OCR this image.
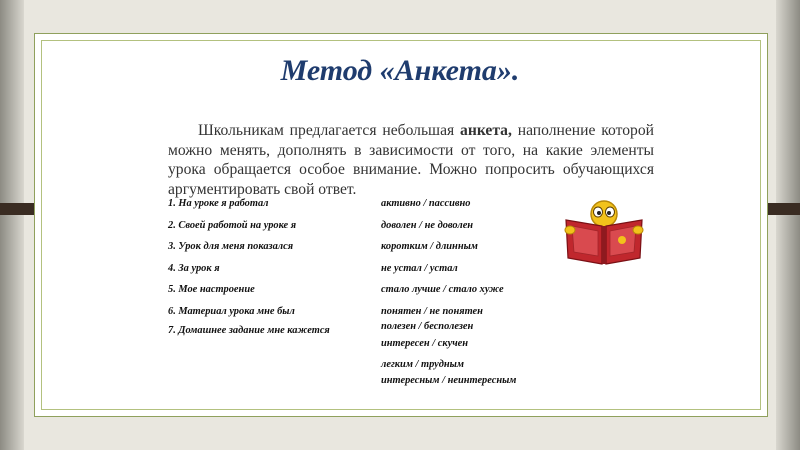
Метод «Анкета».
Школьникам предлагается небольшая анкета, наполнение которой можно менять, дополнять в зависимости от того, на какие элементы урока обращается особое внимание. Можно попросить обучающихся аргументировать свой ответ.
1. На уроке я работал
2. Своей работой на уроке я
3. Урок для меня показался
4. За урок я
5. Мое настроение
6. Материал урока мне был
7. Домашнее задание мне кажется
активно / пассивно
доволен / не доволен
коротким / длинным
не устал / устал
стало лучше / стало хуже
понятен / не понятен
полезен / бесполезен
интересен / скучен
легким / трудным
интересным / неинтересным
